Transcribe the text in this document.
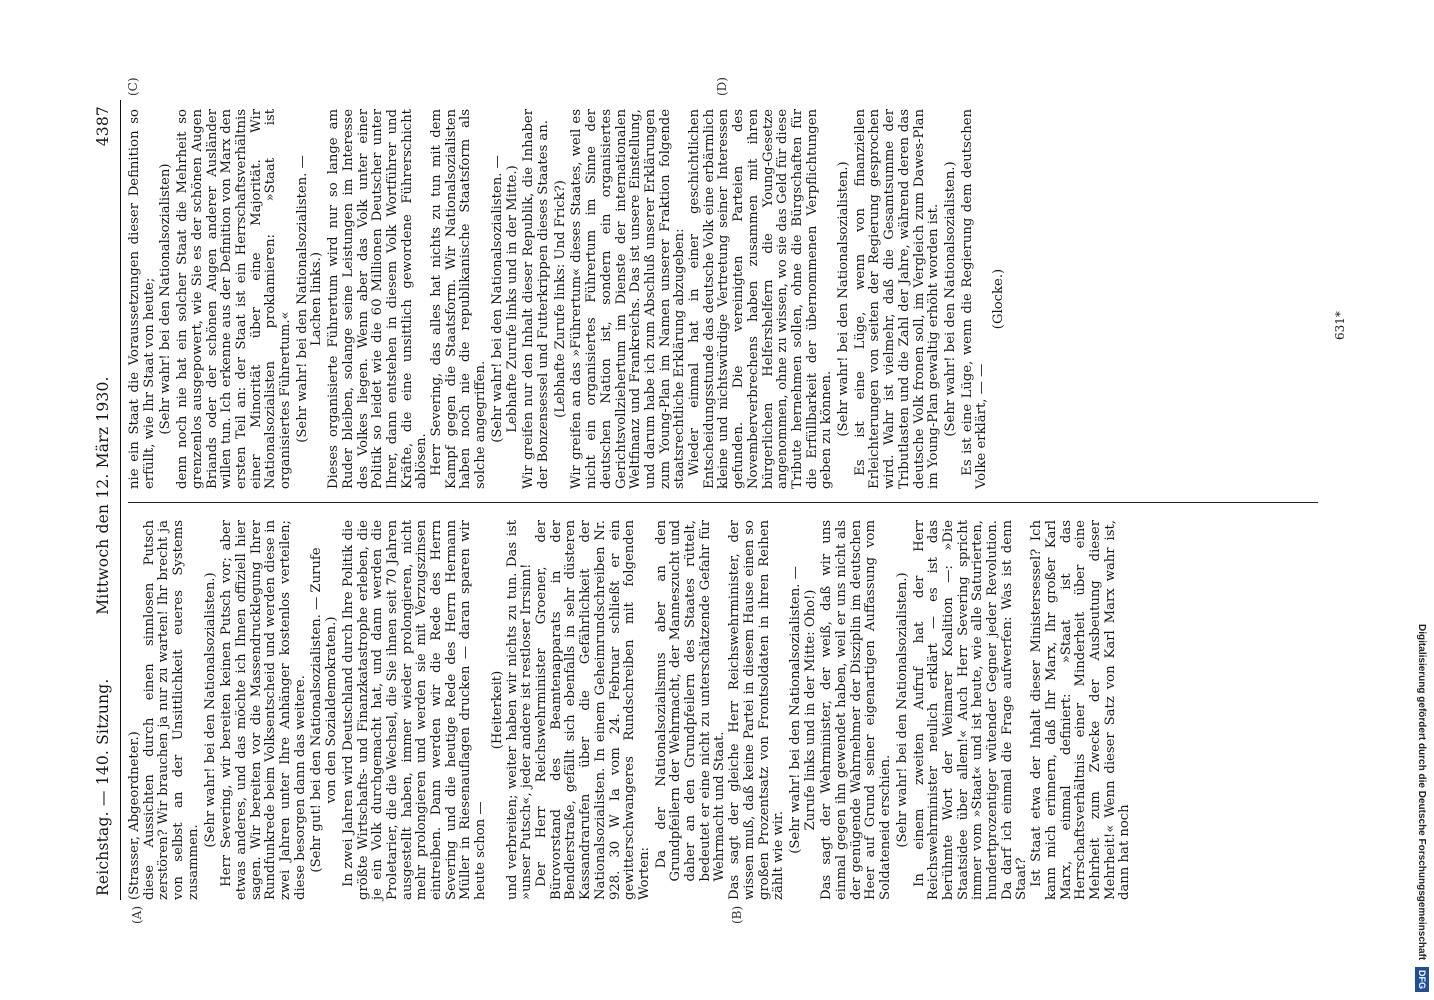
Reichstag. — 140. Sitzung.
Mittwoch den 12. März 1930.                4387
(A)	(B)
(C)	(D)

(Strasser, Abgeordneter.) diese Aussichten durch einen sinnlosen Putsch zerstören? Wir brauchen ja nur zu warten! Ihr brecht ja von selbst an der Unsittlichkeit eueres Systems zusammen.

(Sehr wahr! bei den Nationalsozialisten.) Herr Severing, wir bereiten keinen Putsch vor; aber etwas anderes, und das möchte ich Ihnen offiziell hier sagen. Wir bereiten vor die Massendrucklegung Ihrer Rundfunkrede beim Volksentscheid und werden diese in zwei Jahren unter Ihre Anhänger kostenlos verteilen; diese besorgen dann das weitere. (Sehr gut! bei den Nationalsozialisten. — Zurufe von den Sozialdemokraten.) In zwei Jahren wird Deutschland durch Ihre Politik die größte Wirtschafts- und Finanzkatastrophe erleben, die je ein Volk durchgemacht hat, und dann werden die Proletarier, die die Wechsel, die Sie ihnen seit 70 Jahren ausgestellt haben, immer wieder prolongieren, nicht mehr prolongieren und werden sie mit Verzugszinsen eintreiben. Dann werden wir die Rede des Herrn Severing und die heutige Rede des Herrn Hermann Müller in Riesenauflagen drucken — daran sparen wir heute schon —

(Heiterkeit) und verbreiten; weiter haben wir nichts zu tun. Das ist »unser Putsch«, jeder andere ist restloser Irrsinn! Der Herr Reichswehrminister Groener, der Bürovorstand des Beamtenapparats in der Bendlerstraße, gefällt sich ebenfalls in sehr düsteren Kassandrarufen über die Gefährlichkeit der Nationalsozialisten. In einem Geheimrundschreiben Nr. 928. 30 W Ia vom 24. Februar schließt er ein gewitterschwangeres Rundschreiben mit folgenden Worten:

Da der Nationalsozialismus aber an den Grundpfeilern der Wehrmacht, der Manneszucht und daher an den Grundpfeilern des Staates rüttelt, bedeutet er eine nicht zu unterschätzende Gefahr für Wehrmacht und Staat. Das sagt der gleiche Herr Reichswehrminister, der wissen muß, daß keine Partei in diesem Hause einen so großen Prozentsatz von Frontsoldaten in ihren Reihen zählt wie wir.

(Sehr wahr! bei den Nationalsozialisten. — Zurufe links und in der Mitte: Oho!) Das sagt der Wehrminister, der weiß, daß wir uns einmal gegen ihn gewendet haben, weil er uns nicht als der genügende Wahrnehmer der Disziplin im deutschen Heer auf Grund seiner eigenartigen Auffassung vom Soldateneid erschien. (Sehr wahr! bei den Nationalsozialisten.) In einem zweiten Aufruf hat der Herr Reichswehrminister neulich erklärt — es ist das berühmte Wort der Weimarer Koalition —: »Die Staatsidee über allem!« Auch Herr Severing spricht immer vom »Staat« und ist heute, wie alle Saturierten, hundertprozentiger wütender Gegner jeder Revolution. Da darf ich einmal die Frage aufwerfen: Was ist denn Staat? Ist Staat etwa der Inhalt dieser Ministersessel? Ich kann mich erinnern, daß Ihr Marx, Ihr großer Karl Marx, einmal definiert: »Staat ist das Herrschaftsverhältnis einer Minderheit über eine Mehrheit zum Zwecke der Ausbeutung dieser Mehrheit!« Wenn dieser Satz von Karl Marx wahr ist, dann hat noch

nie ein Staat die Voraussetzungen dieser Definition so erfüllt, wie Ihr Staat von heute; (Sehr wahr! bei den Nationalsozialisten) denn noch nie hat ein solcher Staat die Mehrheit so grenzenlos ausgepowert, wie Sie es der schönen Augen Briands oder der schönen Augen anderer Ausländer willen tun. Ich erkenne aus der Definition von Marx den ersten Teil an: der Staat ist ein Herrschaftsverhältnis einer Minorität über eine Majorität. Wir Nationalsozialisten proklamieren: »Staat ist organisiertes Führertum.« (Sehr wahr! bei den Nationalsozialisten. — Lachen links.) Dieses organisierte Führertum wird nur so lange am Ruder bleiben, solange seine Leistungen im Interesse des Volkes liegen. Wenn aber das Volk unter einer Politik so leidet wie die 60 Millionen Deutscher unter Ihrer, dann entstehen in diesem Volk Wortführer und Kräfte, die eine unsittlich gewordene Führerschicht ablösen. Herr Severing, das alles hat nichts zu tun mit dem Kampf gegen die Staatsform. Wir Nationalsozialisten haben noch nie die republikanische Staatsform als solche angegriffen. (Sehr wahr! bei den Nationalsozialisten. — Lebhafte Zurufe links und in der Mitte.) Wir greifen nur den Inhalt dieser Republik, die Inhaber der Bonzensessel und Futterkrippen dieses Staates an. (Lebhafte Zurufe links: Und Frick?) Wir greifen an das »Führertum« dieses Staates, weil es nicht ein organisiertes Führertum im Sinne der deutschen Nation ist, sondern ein organisiertes Gerichtsvollziehertum im Dienste der internationalen Weltfinanz und Frankreichs. Das ist unsere Einstellung, und darum habe ich zum Abschluß unserer Erklärungen zum Young-Plan im Namen unserer Fraktion folgende staatsrechtliche Erklärung abzugeben: Wieder einmal hat in einer geschichtlichen Entscheidungsstunde das deutsche Volk eine erbärmlich kleine und nichtswürdige Vertretung seiner Interessen gefunden. Die vereinigten Parteien des Novemberverbrechens haben zusammen mit ihren bürgerlichen Helfershelfern die Young-Gesetze angenommen, ohne zu wissen, wo sie das Geld für diese Tribute hernehmen sollen, ohne die Bürgschaften für die Erfüllbarkeit der übernommenen Verpflichtungen geben zu können. (Sehr wahr! bei den Nationalsozialisten.) Es ist eine Lüge, wenn von finanziellen Erleichterungen von seiten der Regierung gesprochen wird. Wahr ist vielmehr, daß die Gesamtsumme der Tributlasten und die Zahl der Jahre, während deren das deutsche Volk fronen soll, im Vergleich zum Dawes-Plan im Young-Plan gewaltig erhöht worden ist. (Sehr wahr! bei den Nationalsozialisten.) Es ist eine Lüge, wenn die Regierung dem deutschen Volke erklärt, — —

(Glocke.)	631*
Digitalisierung gefördert durch die Deutsche Forschungsgemeinschaft DFG
